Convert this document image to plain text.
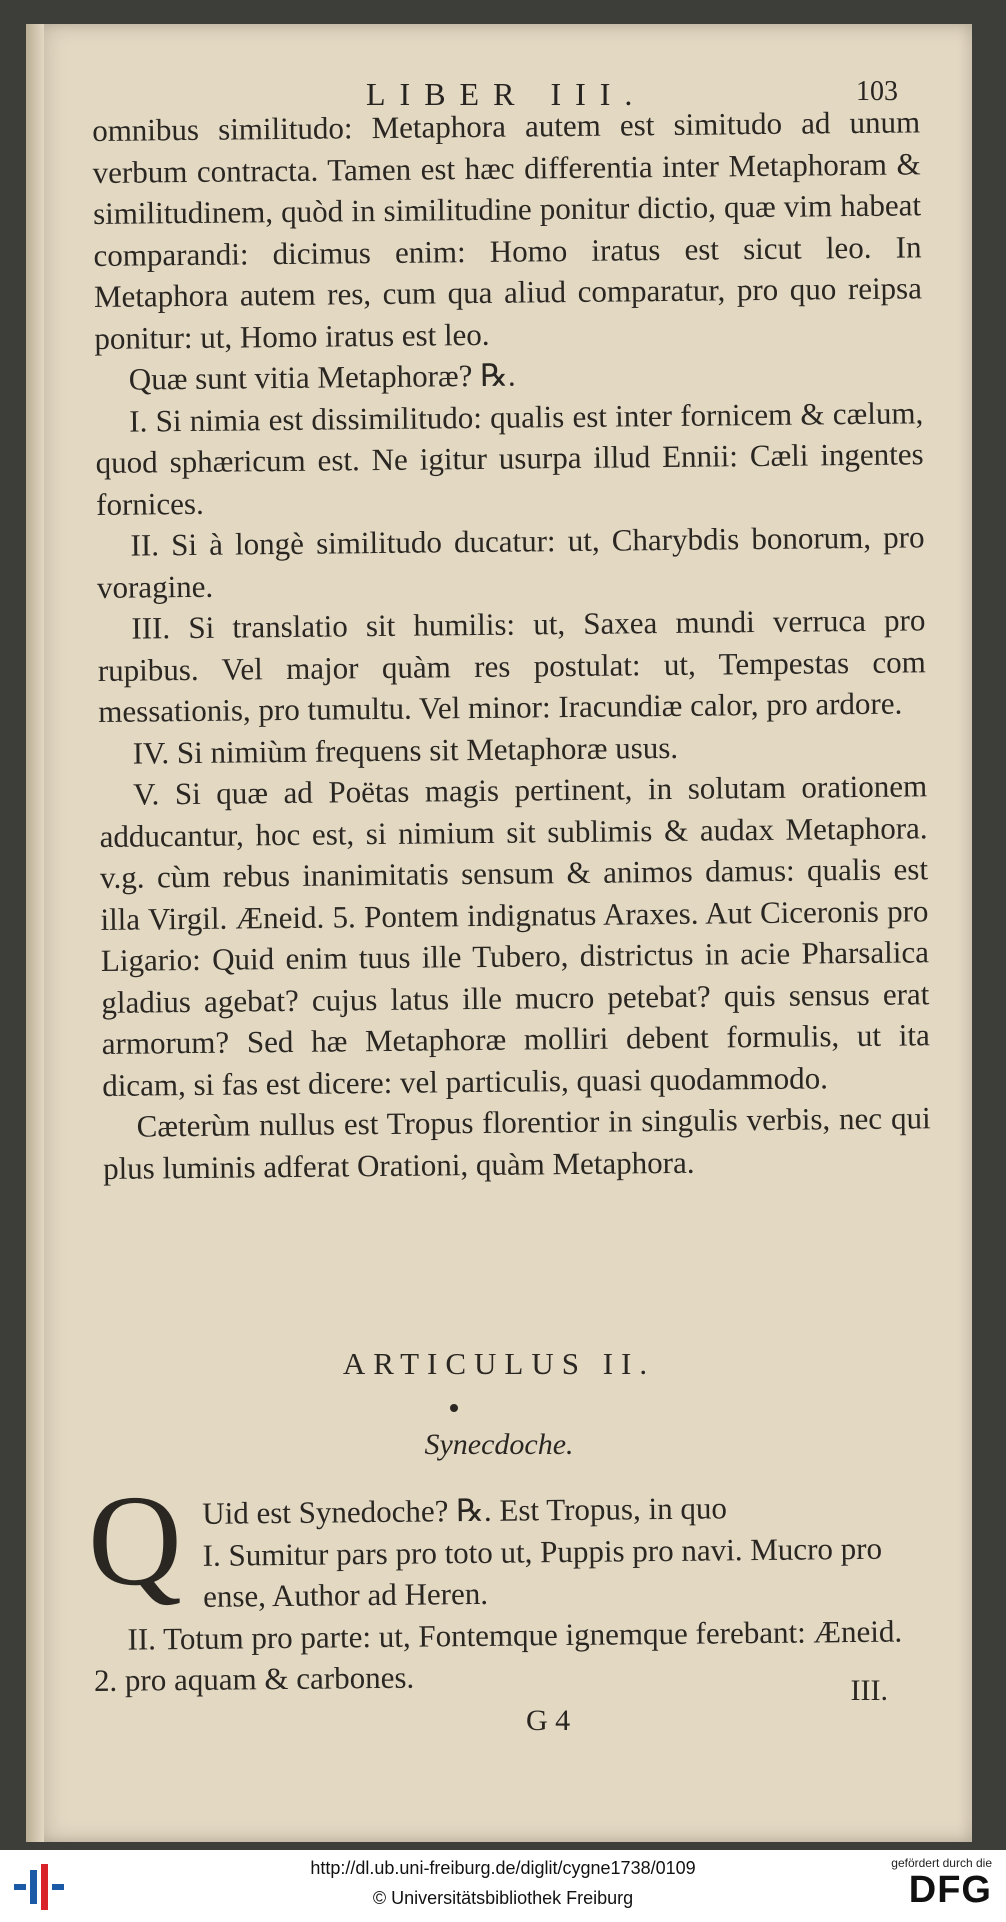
LIBER III.	103

omnibus similitudo: Metaphora autem est simitudo ad unum verbum contracta. Tamen est hæc differentia inter Metaphoram & similitudinem, quòd in similitudine ponitur dictio, quæ vim habeat comparandi: dicimus enim: Homo iratus est sicut leo. In Metaphora autem res, cum qua aliud comparatur, pro quo reipsa ponitur: ut, Homo iratus est leo.

Quæ sunt vitia Metaphoræ? ℞.

I. Si nimia est dissimilitudo: qualis est inter fornicem & cælum, quod sphæricum est. Ne igitur usurpa illud Ennii: Cæli ingentes fornices.

II. Si à longè similitudo ducatur: ut, Charybdis bonorum, pro voragine.

III. Si translatio sit humilis: ut, Saxea mundi verruca pro rupibus. Vel major quàm res postulat: ut, Tempestas com messationis, pro tumultu. Vel minor: Iracundiæ calor, pro ardore.

IV. Si nimiùm frequens sit Metaphoræ usus.

V. Si quæ ad Poëtas magis pertinent, in solutam orationem adducantur, hoc est, si nimium sit sublimis & audax Metaphora. v.g. cùm rebus inanimitatis sensum & animos damus: qualis est illa Virgil. Æneid. 5. Pontem indignatus Araxes. Aut Ciceronis pro Ligario: Quid enim tuus ille Tubero, districtus in acie Pharsalica gladius agebat? cujus latus ille mucro petebat? quis sensus erat armorum? Sed hæ Metaphoræ molliri debent formulis, ut ita dicam, si fas est dicere: vel particulis, quasi quodammodo.

Cæterùm nullus est Tropus florentior in singulis verbis, nec qui plus luminis adferat Orationi, quàm Metaphora.

ARTICULUS II.
Synecdoche.
Q Uid est Synedoche? ℞. Est Tropus, in quo

I. Sumitur pars pro toto ut, Puppis pro navi. Mucro pro ense, Author ad Heren.

II. Totum pro parte: ut, Fontemque ignemque ferebant: Æneid. 2. pro aquam & carbones.

G 4
III.
http://dl.ub.uni-freiburg.de/diglit/cygne1738/0109
© Universitätsbibliothek Freiburg
gefördert durch die
DFG
